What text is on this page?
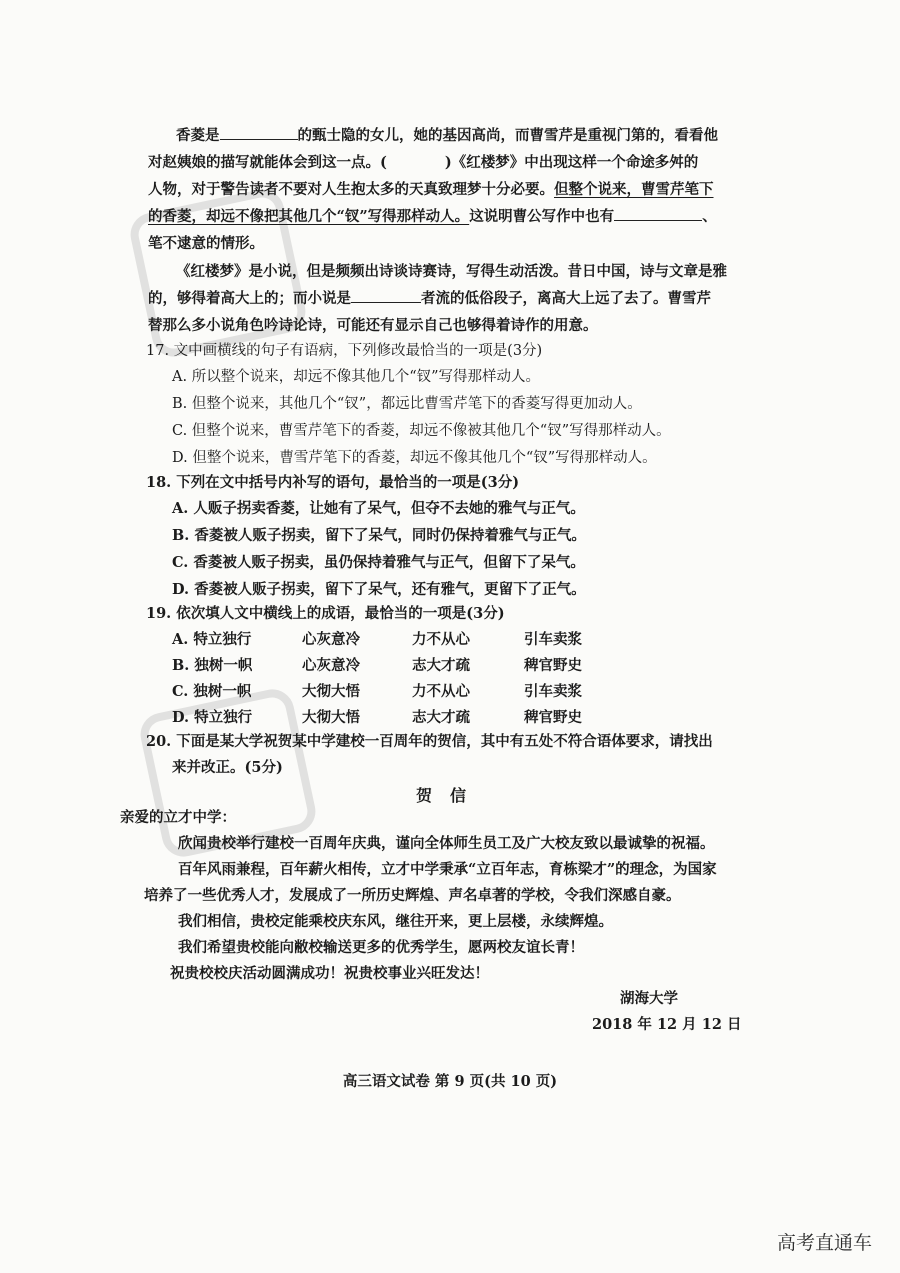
香菱是	的甄士隐的女儿，她的基因高尚，而曹雪芹是重视门第的，看看他
对赵姨娘的描写就能体会到这一点。(　　　　)《红楼梦》中出现这样一个命途多舛的
人物，对于警告读者不要对人生抱太多的天真致理梦十分必要。但整个说来，曹雪芹笔下
的香菱，却远不像把其他几个“钗”写得那样动人。这说明曹公写作中也有	、
笔不逮意的情形。
《红楼梦》是小说，但是频频出诗谈诗赛诗，写得生动活泼。昔日中国，诗与文章是雅
的，够得着高大上的；而小说是	者流的低俗段子，离高大上远了去了。曹雪芹
替那么多小说角色吟诗论诗，可能还有显示自己也够得着诗作的用意。
17. 文中画横线的句子有语病，下列修改最恰当的一项是(3分)
A. 所以整个说来，却远不像其他几个“钗”写得那样动人。
B. 但整个说来，其他几个“钗”，都远比曹雪芹笔下的香菱写得更加动人。
C. 但整个说来，曹雪芹笔下的香菱，却远不像被其他几个“钗”写得那样动人。
D. 但整个说来，曹雪芹笔下的香菱，却远不像其他几个“钗”写得那样动人。
18. 下列在文中括号内补写的语句，最恰当的一项是(3分)
A. 人贩子拐卖香菱，让她有了呆气，但夺不去她的雅气与正气。
B. 香菱被人贩子拐卖，留下了呆气，同时仍保持着雅气与正气。
C. 香菱被人贩子拐卖，虽仍保持着雅气与正气，但留下了呆气。
D. 香菱被人贩子拐卖，留下了呆气，还有雅气，更留下了正气。
19. 依次填人文中横线上的成语，最恰当的一项是(3分)
A. 特立独行	心灰意冷	力不从心	引车卖浆
B. 独树一帜	心灰意冷	志大才疏	稗官野史
C. 独树一帜	大彻大悟	力不从心	引车卖浆
D. 特立独行	大彻大悟	志大才疏	稗官野史
20. 下面是某大学祝贺某中学建校一百周年的贺信，其中有五处不符合语体要求，请找出
来并改正。(5分)
贺信
亲爱的立才中学：
欣闻贵校举行建校一百周年庆典，谨向全体师生员工及广大校友致以最诚挚的祝福。
百年风雨兼程，百年薪火相传，立才中学秉承“立百年志，育栋梁才”的理念，为国家
培养了一些优秀人才，发展成了一所历史辉煌、声名卓著的学校，令我们深感自豪。
我们相信，贵校定能乘校庆东风，继往开来，更上层楼，永续辉煌。
我们希望贵校能向敝校输送更多的优秀学生，愿两校友谊长青！
祝贵校校庆活动圆满成功！祝贵校事业兴旺发达！
湖海大学
2018 年 12 月 12 日
高三语文试卷 第 9 页(共 10 页)
高考直通车
